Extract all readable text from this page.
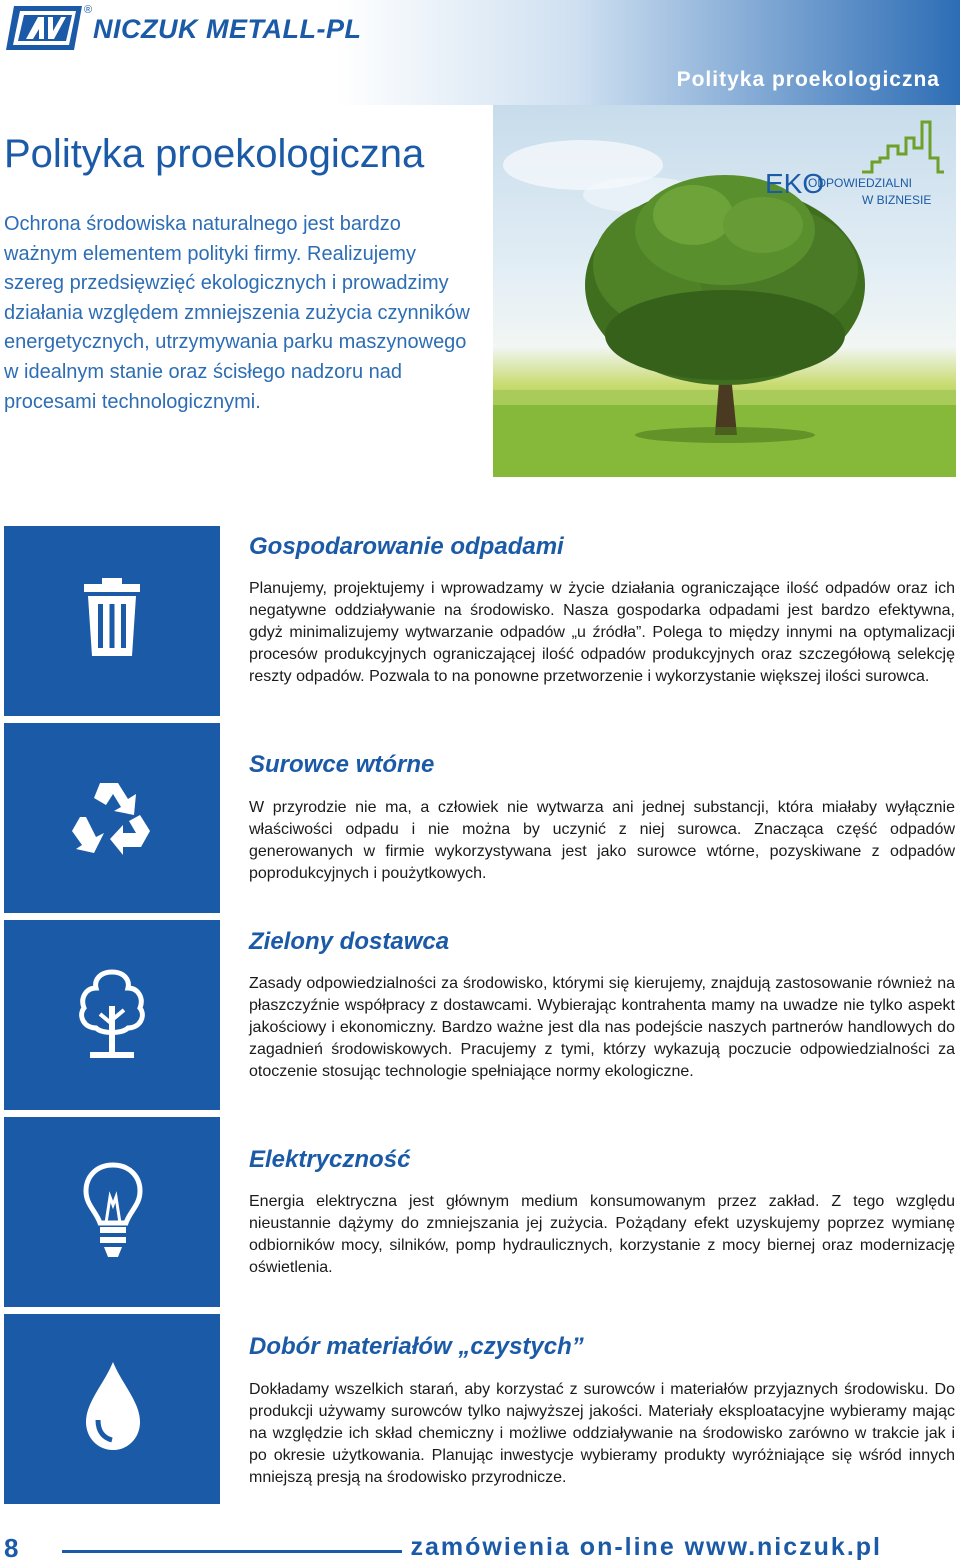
®
NICZUK METALL-PL
Polityka proekologiczna
Polityka proekologiczna

Ochrona środowiska naturalnego jest bardzo ważnym elementem polityki firmy. Realizujemy szereg przedsięwzięć ekologicznych i prowadzimy działania względem zmniejszenia zużycia czynników energetycznych, utrzymywania parku maszynowego w idealnym stanie oraz ścisłego nadzoru nad procesami technologicznymi.

EKO
ODPOWIEDZIALNI
W BIZNESIE
Gospodarowanie odpadami

Planujemy, projektujemy i wprowadzamy w życie działania ograniczające ilość odpadów oraz ich negatywne oddziaływanie na środowisko. Nasza gospodarka odpadami jest bardzo efektywna, gdyż minimalizujemy wytwarzanie odpadów „u źródła”. Polega to między innymi na optymalizacji procesów produkcyjnych ograniczającej ilość odpadów produkcyjnych oraz szczegółową selekcję reszty odpadów. Pozwala to na ponowne przetworzenie i wykorzystanie większej ilości surowca.

Surowce wtórne

W przyrodzie nie ma, a człowiek nie wytwarza ani jednej substancji, która miałaby wyłącznie właściwości odpadu i nie można by uczynić z niej surowca. Znacząca część odpadów generowanych w firmie wykorzystywana jest jako surowce wtórne, pozyskiwane z odpadów poprodukcyjnych i poużytkowych.

Zielony dostawca

Zasady odpowiedzialności za środowisko, którymi się kierujemy, znajdują zastosowanie również na płaszczyźnie współpracy z dostawcami. Wybierając kontrahenta mamy na uwadze nie tylko aspekt jakościowy i ekonomiczny. Bardzo ważne jest dla nas podejście naszych partnerów handlowych do zagadnień środowiskowych. Pracujemy z tymi, którzy wykazują poczucie odpowiedzialności za otoczenie stosując technologie spełniające normy ekologiczne.

Elektryczność

Energia elektryczna jest głównym medium konsumowanym przez zakład. Z tego względu nieustannie dążymy do zmniejszania jej zużycia. Pożądany efekt uzyskujemy poprzez wymianę odbiorników mocy, silników, pomp hydraulicznych, korzystanie z mocy biernej oraz modernizację oświetlenia.

Dobór materiałów „czystych”

Dokładamy wszelkich starań, aby korzystać z surowców i materiałów przyjaznych środowisku. Do produkcji używamy surowców tylko najwyższej jakości. Materiały eksploatacyjne wybieramy mając na względzie ich skład chemiczny i możliwe oddziaływanie na środowisko zarówno w trakcie jak i po okresie użytkowania. Planując inwestycje wybieramy produkty wyróżniające się wśród innych mniejszą presją na środowisko przyrodnicze.

8	zamówienia on-line www.niczuk.pl
